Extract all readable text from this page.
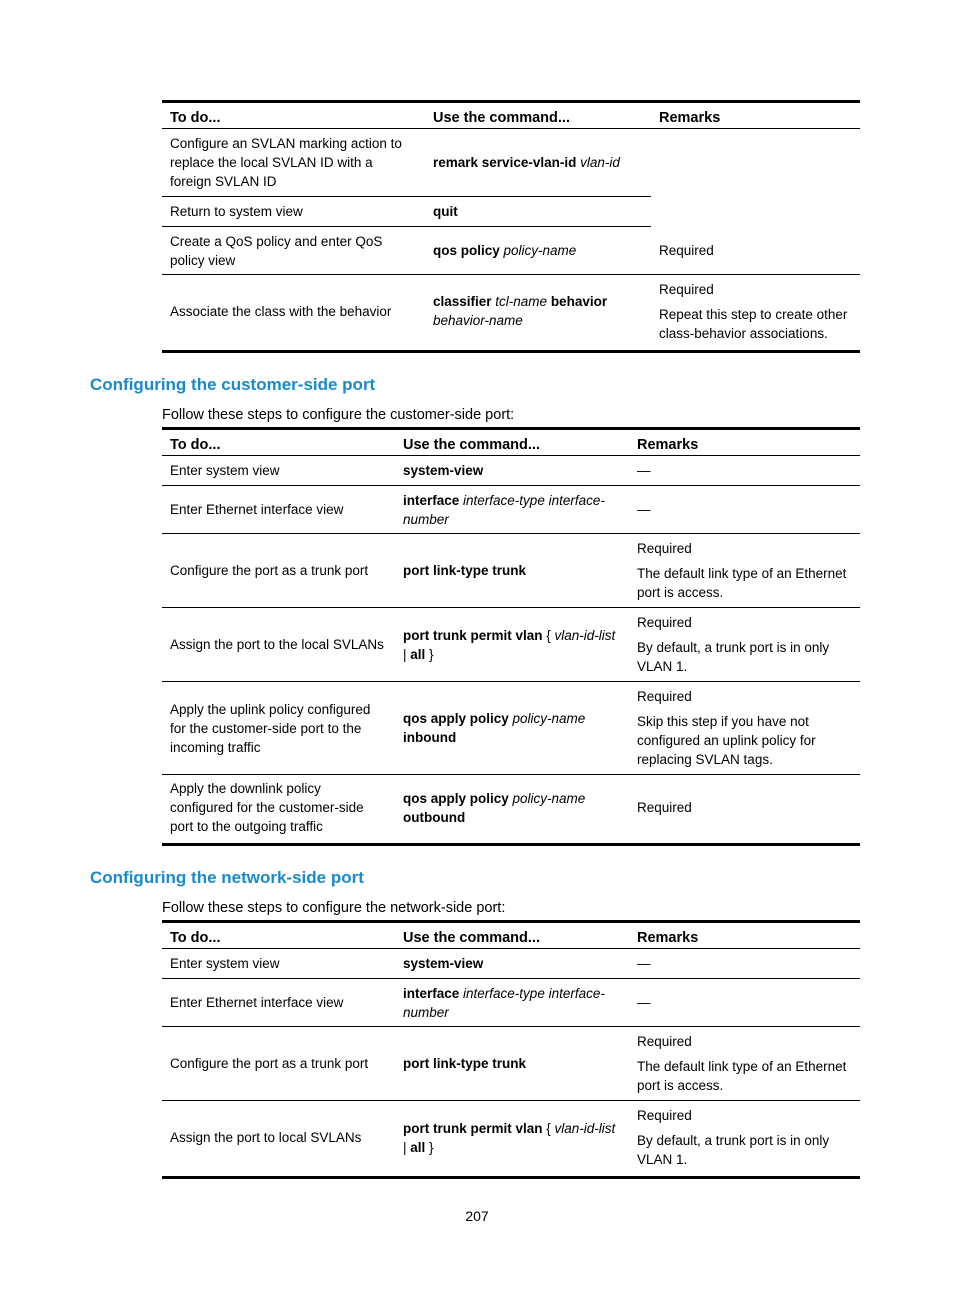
To do...	Use the command...	Remarks
Configure an SVLAN marking action to replace the local SVLAN ID with a foreign SVLAN ID	remark service-vlan-id vlan-id	
Return to system view	quit	
Create a QoS policy and enter QoS policy view	qos policy policy-name	Required

Associate the class with the behavior	classifier tcl-name behavior behavior-name	Required

Repeat this step to create other class-behavior associations.

Configuring the customer-side port

Follow these steps to configure the customer-side port:

To do...	Use the command...	Remarks
Enter system view	system-view	—

Enter Ethernet interface view	interface interface-type interface-number	—

Configure the port as a trunk port	port link-type trunk	Required

The default link type of an Ethernet port is access.

Assign the port to the local SVLANs	port trunk permit vlan { vlan-id-list | all }	Required

By default, a trunk port is in only VLAN 1.

Apply the uplink policy configured for the customer-side port to the incoming traffic	qos apply policy policy-name inbound	Required

Skip this step if you have not configured an uplink policy for replacing SVLAN tags.

Apply the downlink policy configured for the customer-side port to the outgoing traffic	qos apply policy policy-name outbound	Required

Configuring the network-side port

Follow these steps to configure the network-side port:

To do...	Use the command...	Remarks
Enter system view	system-view	—

Enter Ethernet interface view	interface interface-type interface-number	—

Configure the port as a trunk port	port link-type trunk	Required

The default link type of an Ethernet port is access.

Assign the port to local SVLANs	port trunk permit vlan { vlan-id-list | all }	Required

By default, a trunk port is in only VLAN 1.

207
